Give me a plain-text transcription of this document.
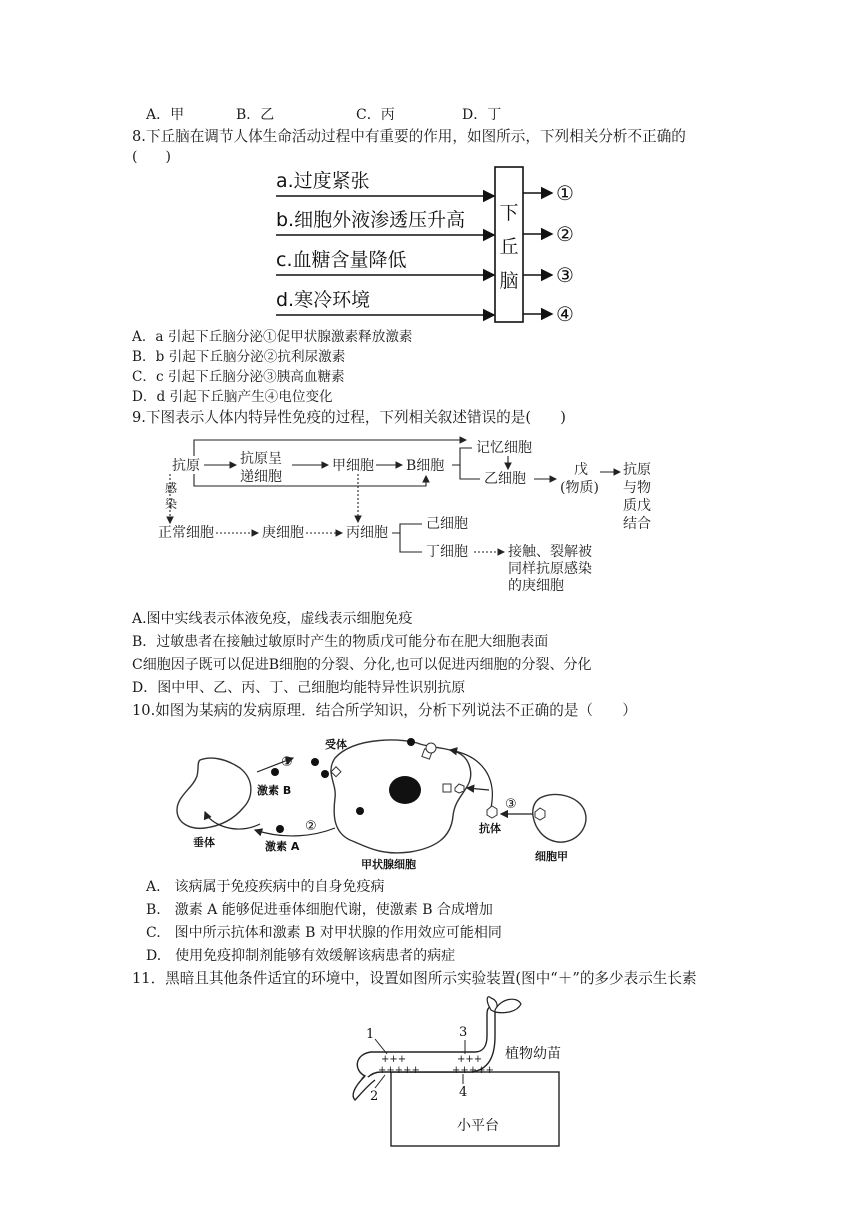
A．甲	B．乙	C．丙	D．丁
8.下丘脑在调节人体生命活动过程中有重要的作用，如图所示，下列相关分析不正确的
(　　)
a.过度紧张
b.细胞外液渗透压升高
c.血糖含量降低
d.寒冷环境
下
丘
脑
①
②
③
④
A．a 引起下丘脑分泌①促甲状腺激素释放激素
B．b 引起下丘脑分泌②抗利尿激素
C．c 引起下丘脑分泌③胰高血糖素
D．d 引起下丘脑产生④电位变化
9.下图表示人体内特异性免疫的过程，下列相关叙述错误的是(　　)
抗原	抗原呈
递细胞
甲细胞 B细胞
记忆细胞
乙细胞
戊
(物质)
抗原
与物
质戊
结合
感
染
正常细胞	庚细胞	丙细胞
己细胞
丁细胞	接触、裂解被
同样抗原感染
的庚细胞
A.图中实线表示体液免疫，虚线表示细胞免疫
B．过敏患者在接触过敏原时产生的物质戊可能分布在肥大细胞表面
C细胞因子既可以促进B细胞的分裂、分化,也可以促进丙细胞的分裂、分化
D．图中甲、乙、丙、丁、己细胞均能特异性识别抗原
10.如图为某病的发病原理．结合所学知识，分析下列说法不正确的是（　　）
受体
激素 B
激素 A
垂体
甲状腺细胞
抗体
细胞甲
①
②
③
A.　该病属于免疫疾病中的自身免疫病
B.　激素 A 能够促进垂体细胞代谢，使激素 B 合成增加
C.　图中所示抗体和激素 B 对甲状腺的作用效应可能相同
D.　使用免疫抑制剂能够有效缓解该病患者的病症
11．黑暗且其他条件适宜的环境中，设置如图所示实验装置(图中“＋”的多少表示生长素
+++
+++++
+++
+++++
1
2
3
4
植物幼苗
小平台
